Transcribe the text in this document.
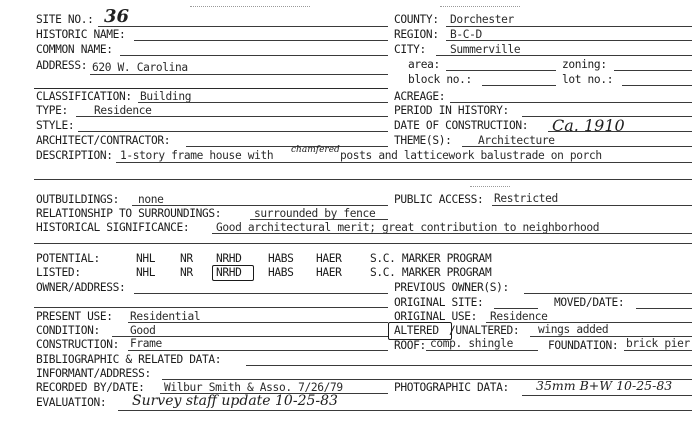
SITE NO.: 36
HISTORIC NAME:
COMMON NAME:
ADDRESS: 620 W. Carolina
COUNTY: Dorchester
REGION: B-C-D
CITY: Summerville
area:	zoning:
block no.:	lot no.:
CLASSIFICATION: Building
TYPE: Residence
STYLE:
ARCHITECT/CONTRACTOR:
ACREAGE:
PERIOD IN HISTORY:
DATE OF CONSTRUCTION: Ca. 1910
THEME(S): Architecture
DESCRIPTION: 1-story frame house with chamfered posts and latticework balustrade on porch
OUTBUILDINGS: none	PUBLIC ACCESS: Restricted
RELATIONSHIP TO SURROUNDINGS:	surrounded by fence
HISTORICAL SIGNIFICANCE: Good architectural merit; great contribution to neighborhood
POTENTIAL:	NHL NR NRHD HABS HAER	S.C. MARKER PROGRAM
LISTED:	NHL NR NRHD HABS HAER	S.C. MARKER PROGRAM
OWNER/ADDRESS:	PREVIOUS OWNER(S):
ORIGINAL SITE:	MOVED/DATE:
PRESENT USE: Residential	ORIGINAL USE: Residence
CONDITION:	Good	ALTERED /UNALTERED: wings added
CONSTRUCTION: Frame	ROOF: comp. shingle	FOUNDATION: brick pier
BIBLIOGRAPHIC & RELATED DATA:
INFORMANT/ADDRESS:
RECORDED BY/DATE: Wilbur Smith & Asso. 7/26/79	PHOTOGRAPHIC DATA: 35mm B+W 10-25-83
EVALUATION: Survey staff update 10-25-83
